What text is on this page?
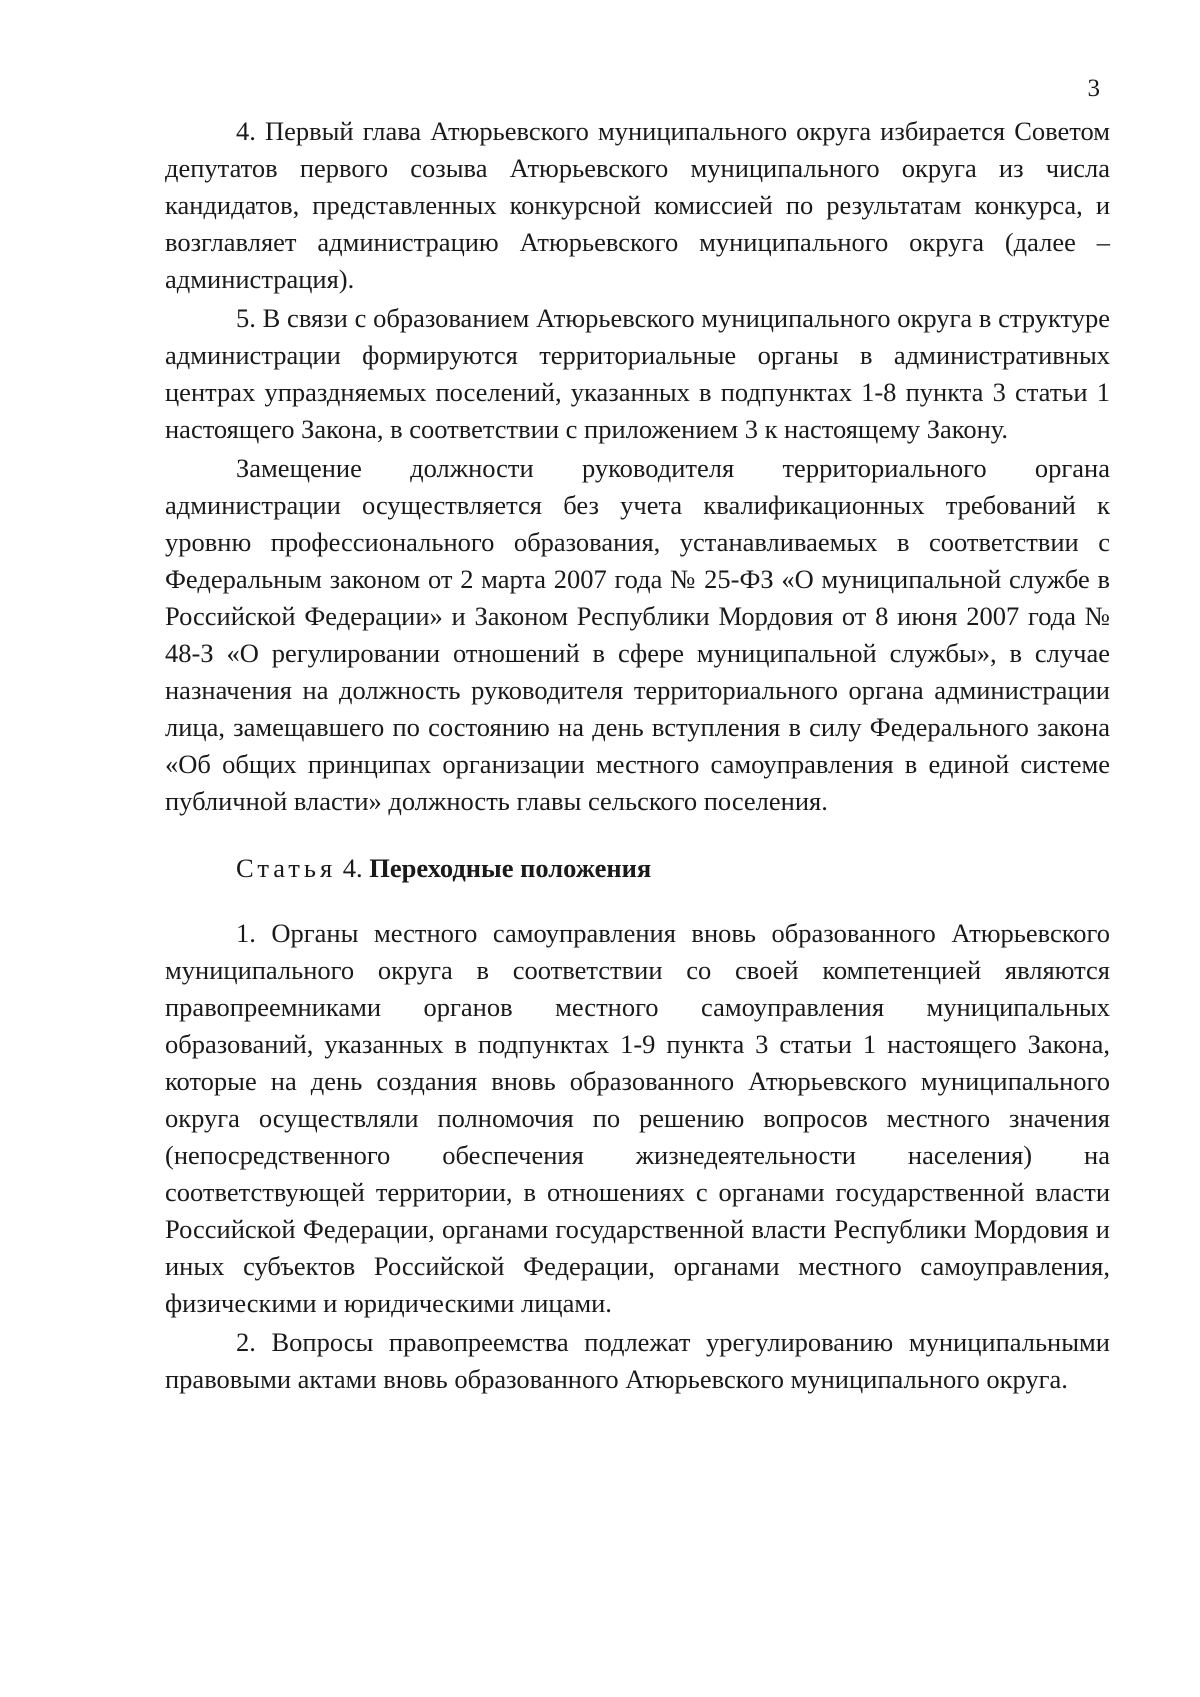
3

4. Первый глава Атюрьевского муниципального округа избирается Советом депутатов первого созыва Атюрьевского муниципального округа из числа кандидатов, представленных конкурсной комиссией по результатам конкурса, и возглавляет администрацию Атюрьевского муниципального округа (далее – администрация).

5. В связи с образованием Атюрьевского муниципального округа в структуре администрации формируются территориальные органы в административных центрах упраздняемых поселений, указанных в подпунктах 1-8 пункта 3 статьи 1 настоящего Закона, в соответствии с приложением 3 к настоящему Закону.

Замещение должности руководителя территориального органа администрации осуществляется без учета квалификационных требований к уровню профессионального образования, устанавливаемых в соответствии с Федеральным законом от 2 марта 2007 года № 25-ФЗ «О муниципальной службе в Российской Федерации» и Законом Республики Мордовия от 8 июня 2007 года № 48-З «О регулировании отношений в сфере муниципальной службы», в случае назначения на должность руководителя территориального органа администрации лица, замещавшего по состоянию на день вступления в силу Федерального закона «Об общих принципах организации местного самоуправления в единой системе публичной власти» должность главы сельского поселения.

Статья 4. Переходные положения

1. Органы местного самоуправления вновь образованного Атюрьевского муниципального округа в соответствии со своей компетенцией являются правопреемниками органов местного самоуправления муниципальных образований, указанных в подпунктах 1-9 пункта 3 статьи 1 настоящего Закона, которые на день создания вновь образованного Атюрьевского муниципального округа осуществляли полномочия по решению вопросов местного значения (непосредственного обеспечения жизнедеятельности населения) на соответствующей территории, в отношениях с органами государственной власти Российской Федерации, органами государственной власти Республики Мордовия и иных субъектов Российской Федерации, органами местного самоуправления, физическими и юридическими лицами.

2. Вопросы правопреемства подлежат урегулированию муниципальными правовыми актами вновь образованного Атюрьевского муниципального округа.
